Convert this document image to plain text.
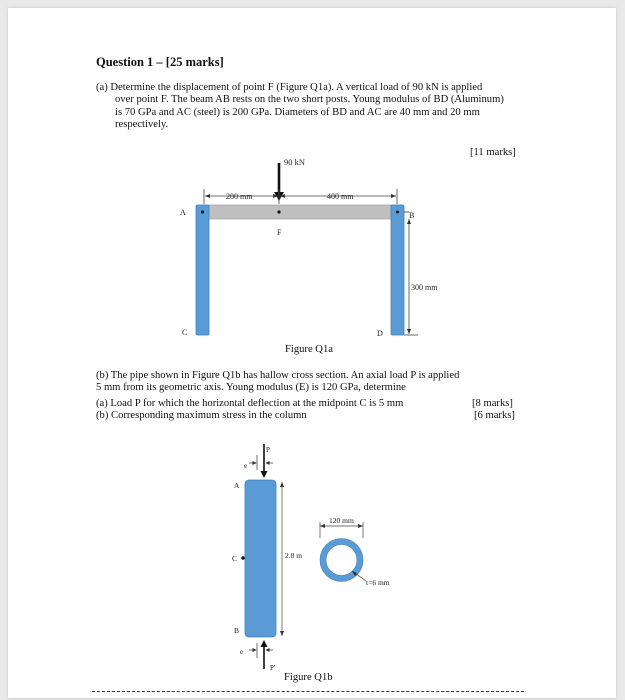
Question 1 – [25 marks]

(a) Determine the displacement of point F (Figure Q1a). A vertical load of 90 kN is applied
over point F. The beam AB rests on the two short posts. Young modulus of BD (Aluminum)
is 70 GPa and AC (steel) is 200 GPa. Diameters of BD and AC are 40 mm and 20 mm
respectively.

[11 marks]
90 kN
200 mm	400 mm
F
A	B
C	D
300 mm
Figure Q1a

(b) The pipe shown in Figure Q1b has hallow cross section. An axial load P is applied
5 mm from its geometric axis. Young modulus (E) is 120 GPa, determine

(a) Load P for which the horizontal deflection at the midpoint C is 5 mm	[8 marks]
(b) Corresponding maximum stress in the column	[6 marks]
P
e
A
C
B
2.8 m
P'
e
120 mm
t=6 mm
Figure Q1b
